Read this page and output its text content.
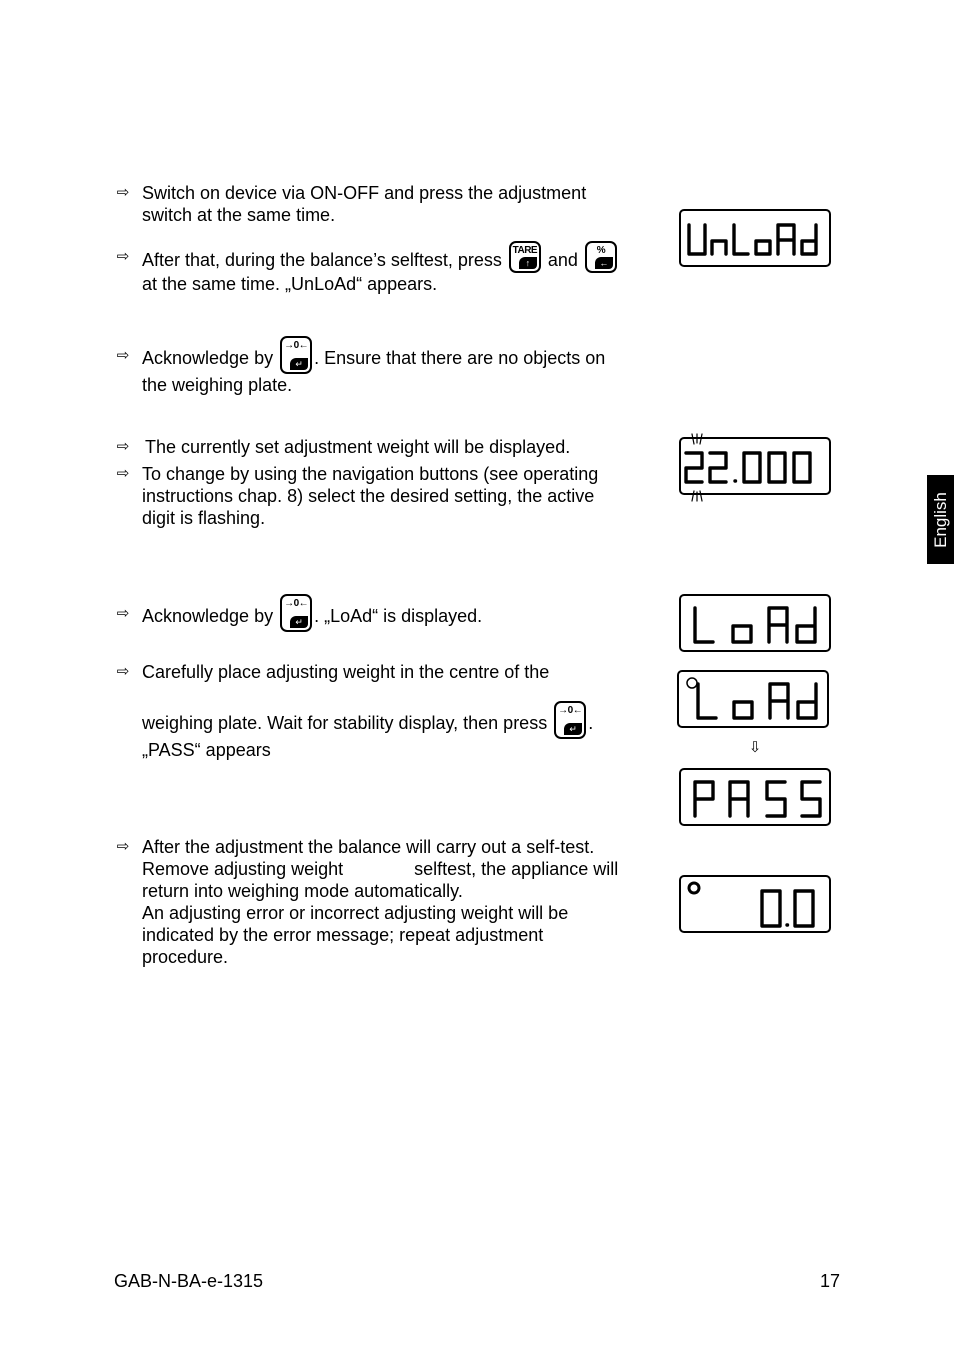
⇨ Switch on device via ON-OFF and press the adjustment
switch at the same time.
⇨ After that, during the balance’s selftest, press TARE
↑ and	%
←
at the same time. „UnLoAd“ appears.
⇨ Acknowledge by
→0←
↵ . Ensure that there are no objects on
the weighing plate.
⇨ The currently set adjustment weight will be displayed.
⇨ To change by using the navigation buttons (see operating
instructions chap. 8) select the desired setting, the active
digit is flashing.
⇨ Acknowledge by
→0←
↵ . „LoAd“ is displayed.
⇨ Carefully place adjusting weight in the centre of the
weighing plate. Wait for stability display, then press
→0←
↵ .
„PASS“ appears
⇨ After the adjustment the balance will carry out a self-test.
Remove adjusting weight	selftest, the appliance will
return into weighing mode automatically.
An adjusting error or incorrect adjusting weight will be
indicated by the error message; repeat adjustment
procedure.
⇩
English
GAB-N-BA-e-1315	17
